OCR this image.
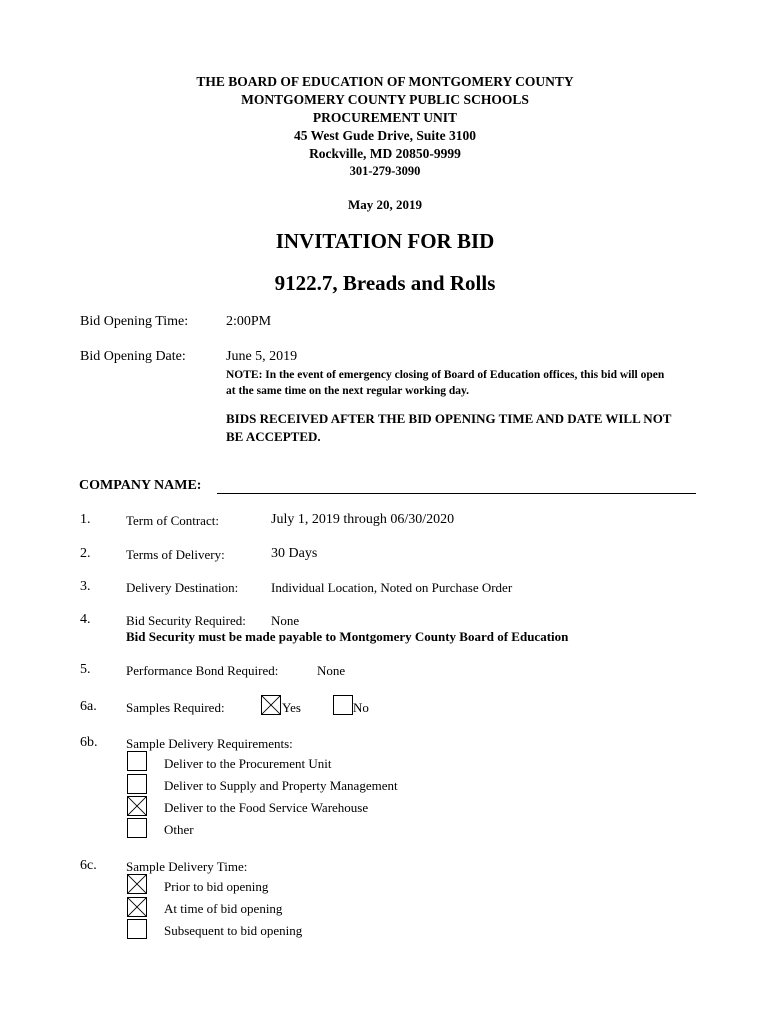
THE BOARD OF EDUCATION OF MONTGOMERY COUNTY
MONTGOMERY COUNTY PUBLIC SCHOOLS
PROCUREMENT UNIT
45 West Gude Drive, Suite 3100
Rockville, MD 20850-9999
301-279-3090
May 20, 2019
INVITATION FOR BID
9122.7, Breads and Rolls
Bid Opening Time:	2:00PM
Bid Opening Date:	June 5, 2019
NOTE: In the event of emergency closing of Board of Education offices, this bid will open
at the same time on the next regular working day.
BIDS RECEIVED AFTER THE BID OPENING TIME AND DATE WILL NOT
BE ACCEPTED.
COMPANY NAME:
1.	Term of Contract:	July 1, 2019 through 06/30/2020
2.	Terms of Delivery:	30 Days
3.	Delivery Destination:	Individual Location, Noted on Purchase Order
4.	Bid Security Required: None
Bid Security must be made payable to Montgomery County Board of Education
5.	Performance Bond Required:	None
6a. Samples Required:	Yes	No
6b. Sample Delivery Requirements:
Deliver to the Procurement Unit
Deliver to Supply and Property Management
Deliver to the Food Service Warehouse
Other
6c. Sample Delivery Time:
Prior to bid opening
At time of bid opening
Subsequent to bid opening
